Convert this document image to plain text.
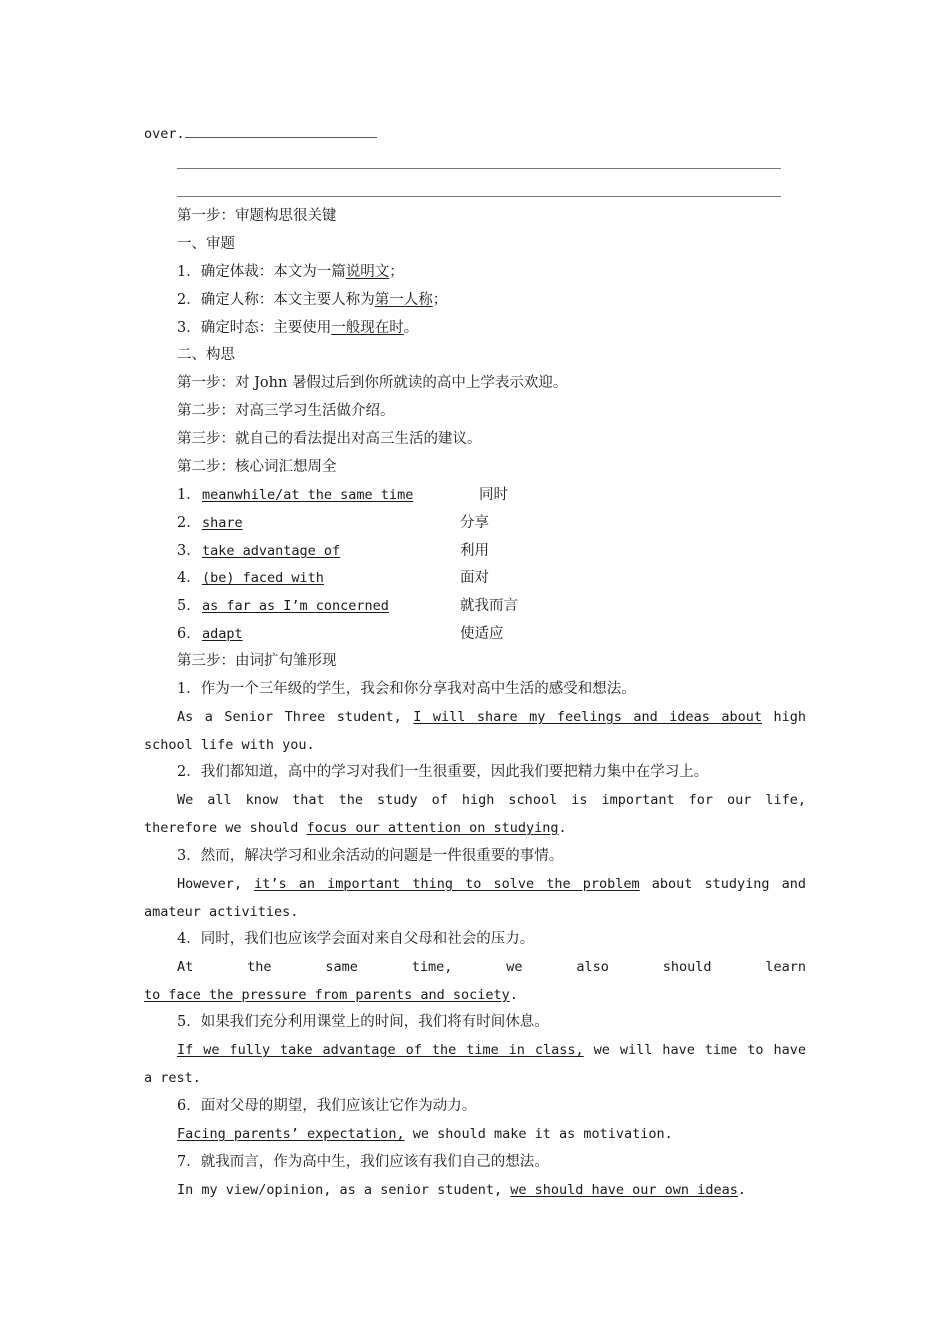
over.

第一步：审题构思很关键

一、审题

1．确定体裁：本文为一篇说明文；

2．确定人称：本文主要人称为第一人称；

3．确定时态：主要使用一般现在时。

二、构思

第一步：对 John 暑假过后到你所就读的高中上学表示欢迎。

第二步：对高三学习生活做介绍。

第三步：就自己的看法提出对高三生活的建议。

第二步：核心词汇想周全

1． meanwhile/at the same time	同时
2． share	分享
3． take advantage of	利用
4． (be) faced with	面对
5． as far as I’m concerned	就我而言
6． adapt	使适应

第三步：由词扩句雏形现

1．作为一个三年级的学生，我会和你分享我对高中生活的感受和想法。

As a Senior Three student, I will share my feelings and ideas about high

school life with you.

2．我们都知道，高中的学习对我们一生很重要，因此我们要把精力集中在学习上。

We all know that the study of high school is important for our life,

therefore we should focus our attention on studying.

3．然而，解决学习和业余活动的问题是一件很重要的事情。

However, it’s an important thing to solve the problem about studying and

amateur activities.

4．同时，我们也应该学会面对来自父母和社会的压力。

At the same time, we also should learn

to face the pressure from parents and society.

5．如果我们充分利用课堂上的时间，我们将有时间休息。

If we fully take advantage of the time in class, we will have time to have

a rest.

6．面对父母的期望，我们应该让它作为动力。

Facing parents’ expectation, we should make it as motivation.

7．就我而言，作为高中生，我们应该有我们自己的想法。

In my view/opinion, as a senior student, we should have our own ideas.
